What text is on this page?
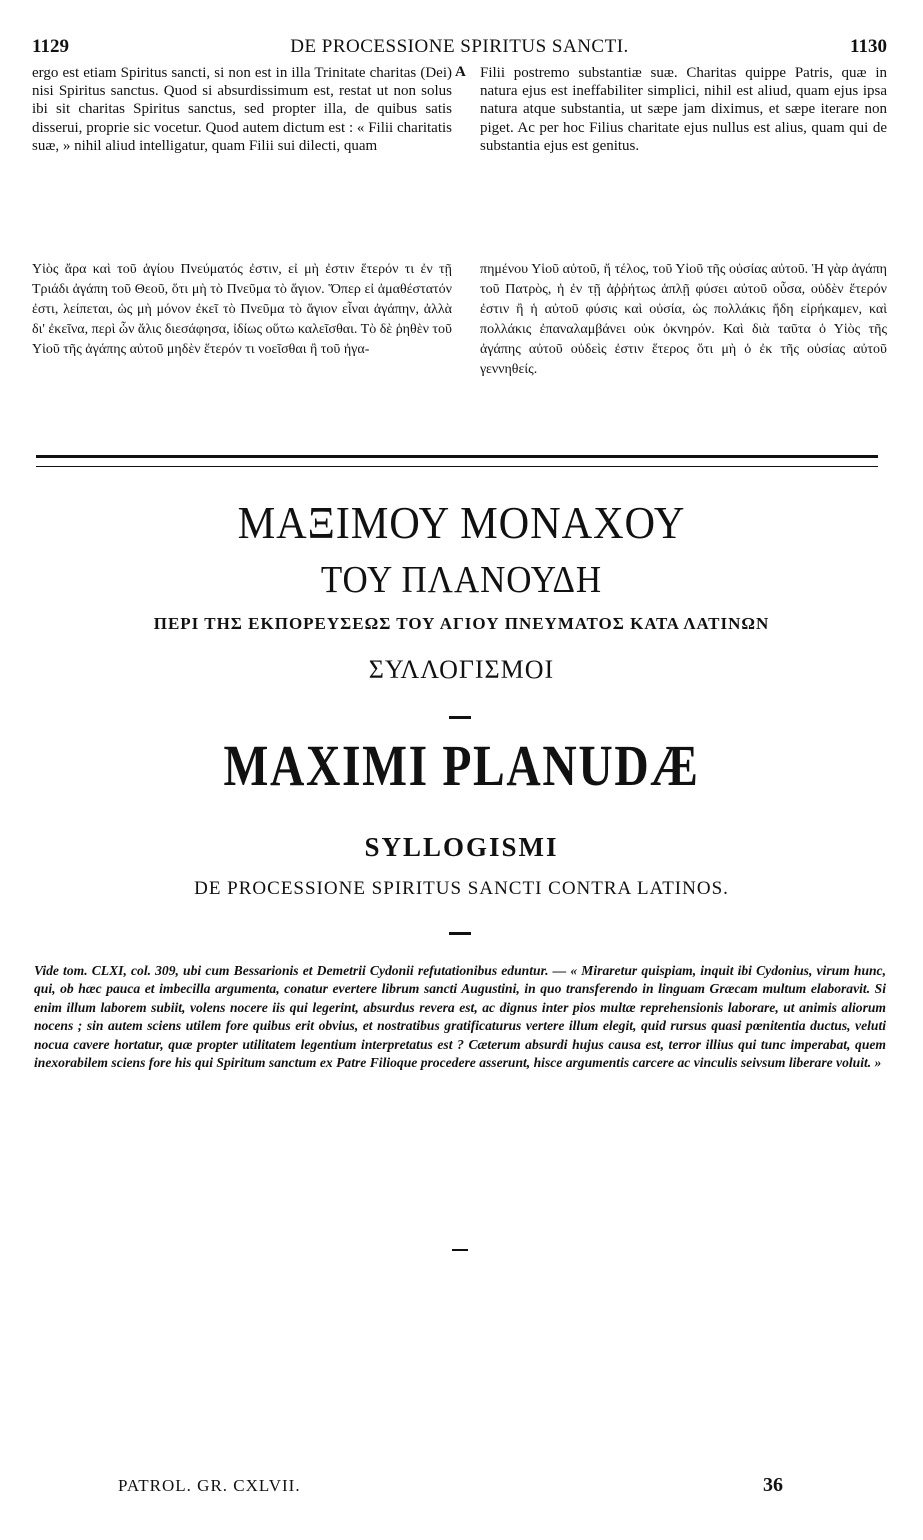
1129	DE PROCESSIONE SPIRITUS SANCTI.	1130
ergo est etiam Spiritus sancti, si non est in illa Trinitate charitas (Dei) nisi Spiritus sanctus. Quod si absurdissimum est, restat ut non solus ibi sit charitas Spiritus sanctus, sed propter illa, de quibus satis disserui, proprie sic vocetur. Quod autem dictum est : « Filii charitatis suæ, » nihil aliud intelligatur, quam Filii sui dilecti, quam
A Filii postremo substantiæ suæ. Charitas quippe Patris, quæ in natura ejus est ineffabiliter simplici, nihil est aliud, quam ejus ipsa natura atque substantia, ut sæpe jam diximus, et sæpe iterare non piget. Ac per hoc Filius charitate ejus nullus est alius, quam qui de substantia ejus est genitus.
Υἱὸς ἄρα καὶ τοῦ ἁγίου Πνεύματός ἐστιν, εἰ μὴ ἐστιν ἕτερόν τι ἐν τῇ Τριάδι ἀγάπη τοῦ Θεοῦ, ὅτι μὴ τὸ Πνεῦμα τὸ ἅγιον. Ὅπερ εἰ ἀμαθέστατόν ἐστι, λείπεται, ὡς μὴ μόνον ἐκεῖ τὸ Πνεῦμα τὸ ἅγιον εἶναι ἀγάπην, ἀλλὰ δι' ἐκεῖνα, περὶ ὧν ἅλις διεσάφησα, ἰδίως οὕτω καλεῖσθαι. Τὸ δὲ ῥηθὲν τοῦ Υἱοῦ τῆς ἀγάπης αὐτοῦ μηδὲν ἕτερόν τι νοεῖσθαι ἢ τοῦ ἠγα-
πημένου Υἱοῦ αὐτοῦ, ἤ τέλος, τοῦ Υἱοῦ τῆς οὐσίας αὐτοῦ. Ἡ γὰρ ἀγάπη τοῦ Πατρὸς, ἡ ἐν τῇ ἀῤῥήτως ἁπλῇ φύσει αὐτοῦ οὖσα, οὐδὲν ἕτερόν ἐστιν ἢ ἡ αὐτοῦ φύσις καὶ οὐσία, ὡς πολλάκις ἤδη εἰρήκαμεν, καὶ πολλάκις ἐπαναλαμβάνει οὐκ ὀκνηρόν. Καὶ διὰ ταῦτα ὁ Υἱὸς τῆς ἀγάπης αὐτοῦ οὐδεὶς ἐστιν ἕτερος ὅτι μὴ ὁ ἐκ τῆς οὐσίας αὐτοῦ γεννηθείς.
ΜΑΞΙΜΟΥ ΜΟΝΑΧΟΥ
ΤΟΥ ΠΛΑΝΟΥΔΗ
ΠΕΡΙ ΤΗΣ ΕΚΠΟΡΕΥΣΕΩΣ ΤΟΥ ΑΓΙΟΥ ΠΝΕΥΜΑΤΟΣ ΚΑΤΑ ΛΑΤΙΝΩΝ
ΣΥΛΛΟΓΙΣΜΟΙ
MAXIMI PLANUDÆ
SYLLOGISMI
DE PROCESSIONE SPIRITUS SANCTI CONTRA LATINOS.
Vide tom. CLXI, col. 309, ubi cum Bessarionis et Demetrii Cydonii refutationibus eduntur. — « Miraretur quispiam, inquit ibi Cydonius, virum hunc, qui, ob hæc pauca et imbecilla argumenta, conatur evertere librum sancti Augustini, in quo transferendo in linguam Græcam multum elaboravit. Si enim illum laborem subiit, volens nocere iis qui legerint, absurdus revera est, ac dignus inter pios multæ reprehensionis laborare, ut animis aliorum nocens ; sin autem sciens utilem fore quibus erit obvius, et nostratibus gratificaturus vertere illum elegit, quid rursus quasi pœnitentia ductus, veluti nocua cavere hortatur, quæ propter utilitatem legentium interpretatus est ? Cæterum absurdi hujus causa est, terror illius qui tunc imperabat, quem inexorabilem sciens fore his qui Spiritum sanctum ex Patre Filioque procedere asserunt, hisce argumentis carcere ac vinculis seivsum liberare voluit. »
PATROL. GR. CXLVII.	36
